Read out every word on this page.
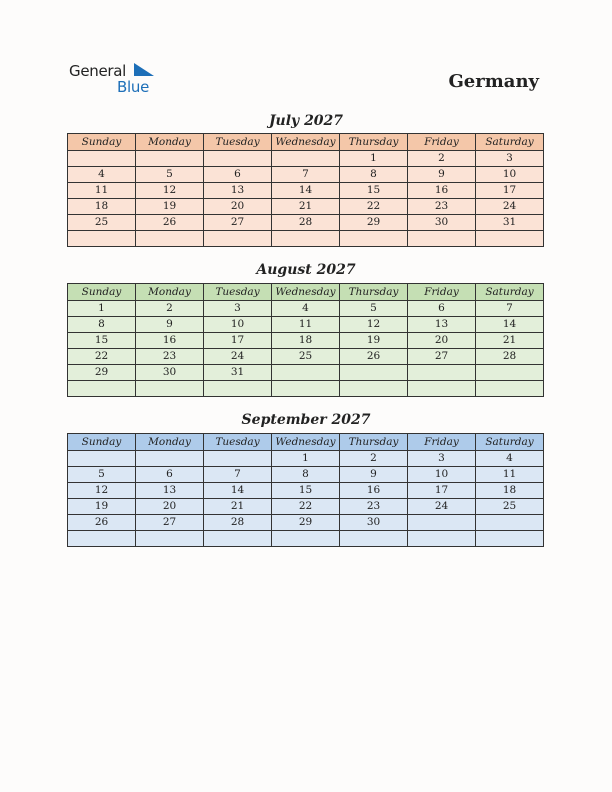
General
Blue	Germany
July 2027
Sunday	Monday	Tuesday	Wednesday	Thursday	Friday	Saturday
				1	2	3
4	5	6	7	8	9	10
11	12	13	14	15	16	17
18	19	20	21	22	23	24
25	26	27	28	29	30	31

August 2027
Sunday	Monday	Tuesday	Wednesday	Thursday	Friday	Saturday
1	2	3	4	5	6	7
8	9	10	11	12	13	14
15	16	17	18	19	20	21
22	23	24	25	26	27	28
29	30	31				

September 2027
Sunday	Monday	Tuesday	Wednesday	Thursday	Friday	Saturday
			1	2	3	4
5	6	7	8	9	10	11
12	13	14	15	16	17	18
19	20	21	22	23	24	25
26	27	28	29	30		
